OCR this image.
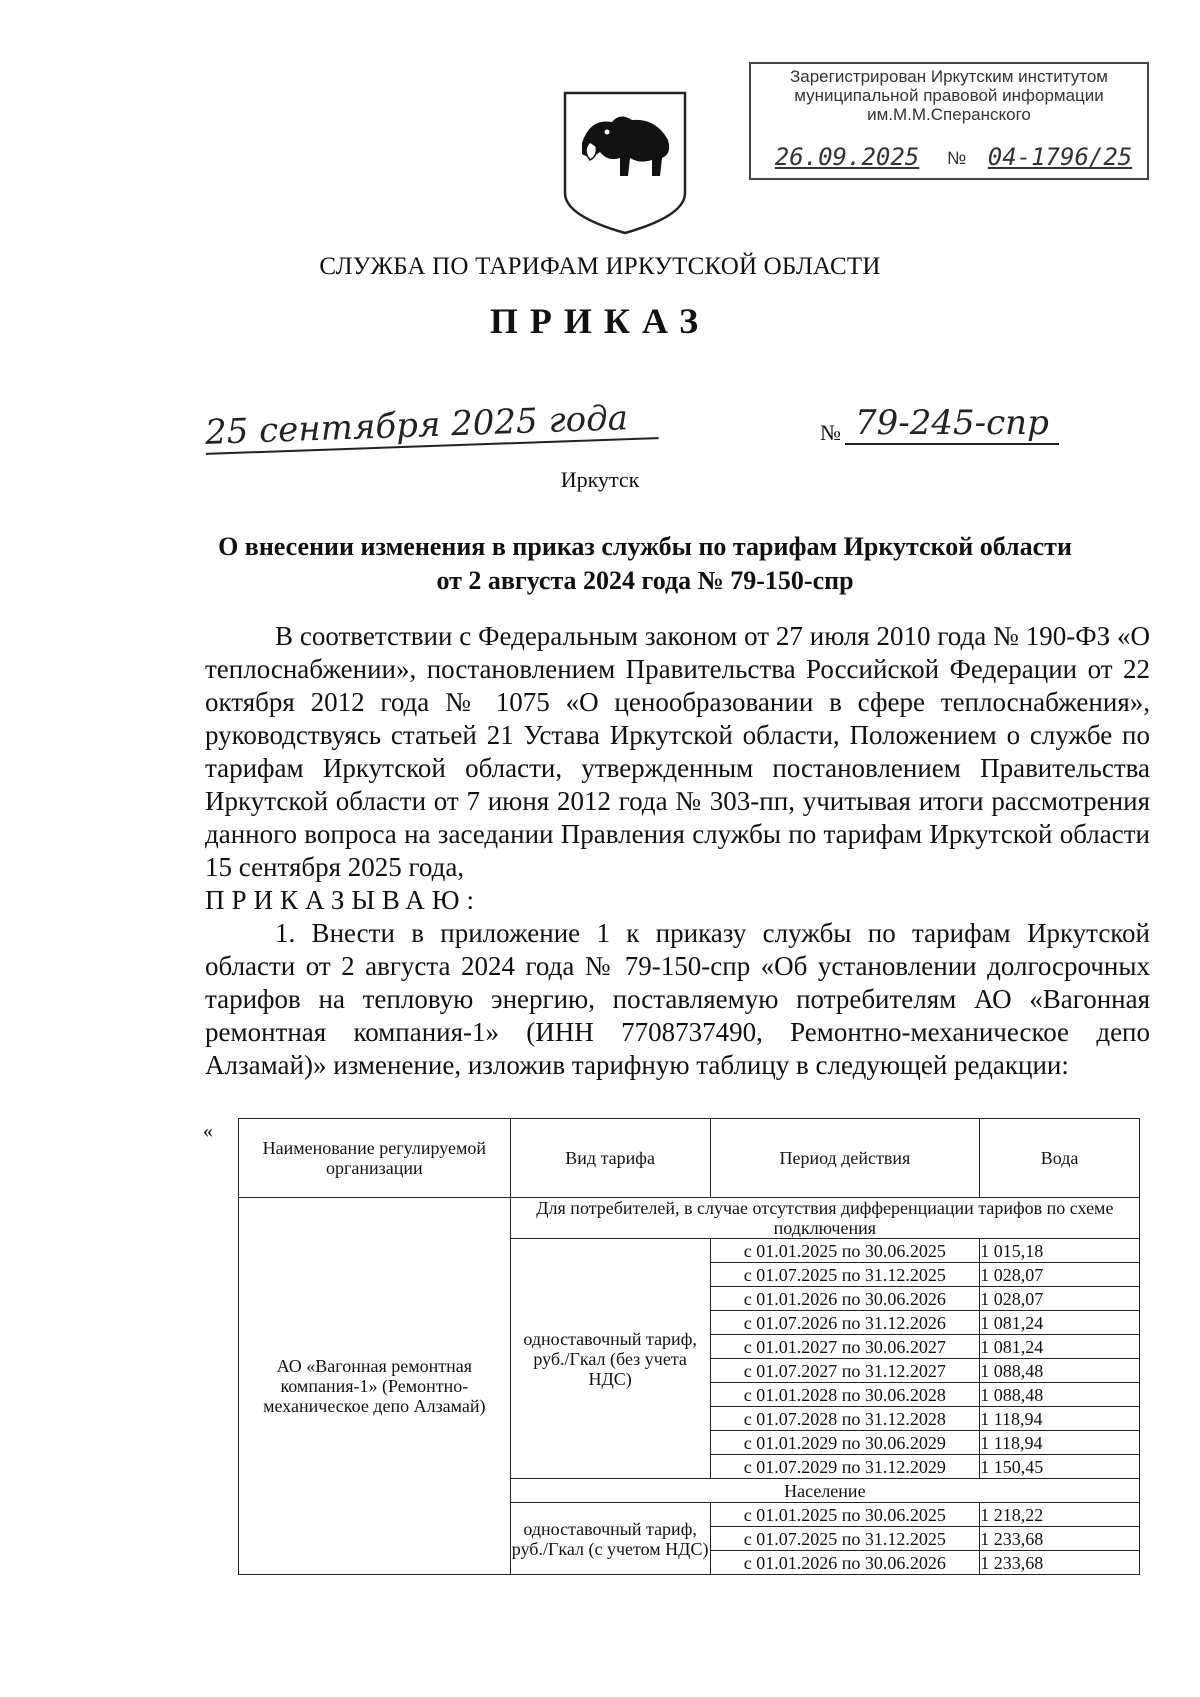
Зарегистрирован Иркутским институтом
муниципальной правовой информации
им.М.М.Сперанского
26.09.2025	№ 04-1796/25
СЛУЖБА ПО ТАРИФАМ ИРКУТСКОЙ ОБЛАСТИ
ПРИКАЗ
25 сентября 2025 года	№ 79-245-спр
Иркутск
О внесении изменения в приказ службы по тарифам Иркутской области
от 2 августа 2024 года № 79-150-спр

В соответствии с Федеральным законом от 27 июля 2010 года № 190-ФЗ «О теплоснабжении», постановлением Правительства Российской Федерации от 22 октября 2012 года № 1075 «О ценообразовании в сфере теплоснабжения», руководствуясь статьей 21 Устава Иркутской области, Положением о службе по тарифам Иркутской области, утвержденным постановлением Правительства Иркутской области от 7 июня 2012 года № 303-пп, учитывая итоги рассмотрения данного вопроса на заседании Правления службы по тарифам Иркутской области 15 сентября 2025 года,

ПРИКАЗЫВАЮ:

1. Внести в приложение 1 к приказу службы по тарифам Иркутской области от 2 августа 2024 года № 79-150-спр «Об установлении долгосрочных тарифов на тепловую энергию, поставляемую потребителям АО «Вагонная ремонтная компания-1» (ИНН 7708737490, Ремонтно-механическое депо Алзамай)» изменение, изложив тарифную таблицу в следующей редакции:

«
Наименование регулируемой организации	Вид тарифа	Период действия	Вода
АО «Вагонная ремонтная компания-1» (Ремонтно-механическое депо Алзамай)	Для потребителей, в случае отсутствия дифференциации тарифов по схеме подключения		
	одноставочный тариф, руб./Гкал (без учета НДС)	с 01.01.2025 по 30.06.2025	1 015,18
		с 01.07.2025 по 31.12.2025	1 028,07
		с 01.01.2026 по 30.06.2026	1 028,07
		с 01.07.2026 по 31.12.2026	1 081,24
		с 01.01.2027 по 30.06.2027	1 081,24
		с 01.07.2027 по 31.12.2027	1 088,48
		с 01.01.2028 по 30.06.2028	1 088,48
		с 01.07.2028 по 31.12.2028	1 118,94
		с 01.01.2029 по 30.06.2029	1 118,94
		с 01.07.2029 по 31.12.2029	1 150,45
	Население		
	одноставочный тариф, руб./Гкал (с учетом НДС)	с 01.01.2025 по 30.06.2025	1 218,22
		с 01.07.2025 по 31.12.2025	1 233,68
		с 01.01.2026 по 30.06.2026	1 233,68
